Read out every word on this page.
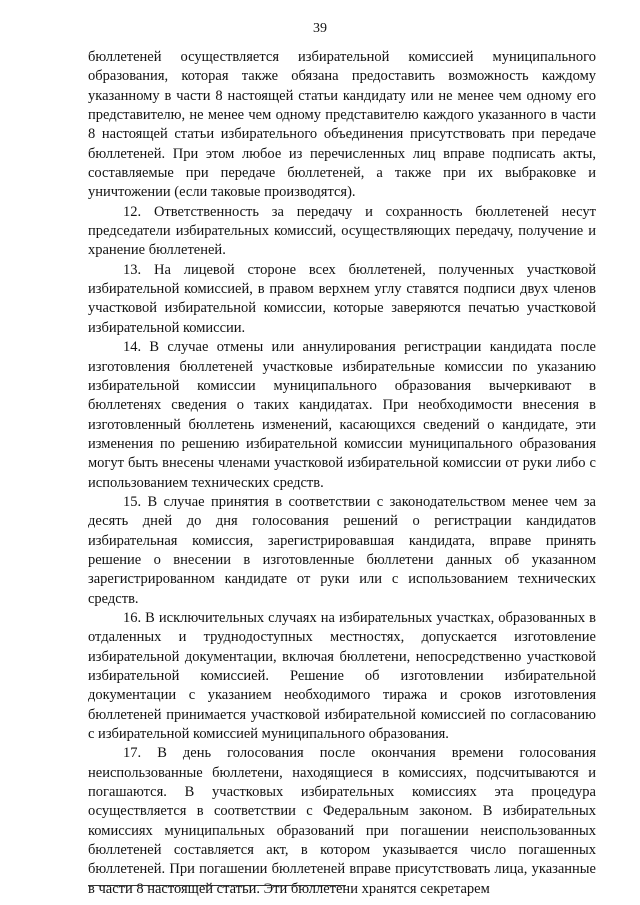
39

бюллетеней осуществляется избирательной комиссией муниципального образования, которая также обязана предоставить возможность каждому указанному в части 8 настоящей статьи кандидату или не менее чем одному его представителю, не менее чем одному представителю каждого указанного в части 8 настоящей статьи избирательного объединения присутствовать при передаче бюллетеней. При этом любое из перечисленных лиц вправе подписать акты, составляемые при передаче бюллетеней, а также при их выбраковке и уничтожении (если таковые производятся).

12. Ответственность за передачу и сохранность бюллетеней несут председатели избирательных комиссий, осуществляющих передачу, получение и хранение бюллетеней.

13. На лицевой стороне всех бюллетеней, полученных участковой избирательной комиссией, в правом верхнем углу ставятся подписи двух членов участковой избирательной комиссии, которые заверяются печатью участковой избирательной комиссии.

14. В случае отмены или аннулирования регистрации кандидата после изготовления бюллетеней участковые избирательные комиссии по указанию избирательной комиссии муниципального образования вычеркивают в бюллетенях сведения о таких кандидатах. При необходимости внесения в изготовленный бюллетень изменений, касающихся сведений о кандидате, эти изменения по решению избирательной комиссии муниципального образования могут быть внесены членами участковой избирательной комиссии от руки либо с использованием технических средств.

15. В случае принятия в соответствии с законодательством менее чем за десять дней до дня голосования решений о регистрации кандидатов избирательная комиссия, зарегистрировавшая кандидата, вправе принять решение о внесении в изготовленные бюллетени данных об указанном зарегистрированном кандидате от руки или с использованием технических средств.

16. В исключительных случаях на избирательных участках, образованных в отдаленных и труднодоступных местностях, допускается изготовление избирательной документации, включая бюллетени, непосредственно участковой избирательной комиссией. Решение об изготовлении избирательной документации с указанием необходимого тиража и сроков изготовления бюллетеней принимается участковой избирательной комиссией по согласованию с избирательной комиссией муниципального образования.

17. В день голосования после окончания времени голосования неиспользованные бюллетени, находящиеся в комиссиях, подсчитываются и погашаются. В участковых избирательных комиссиях эта процедура осуществляется в соответствии с Федеральным законом. В избирательных комиссиях муниципальных образований при погашении неиспользованных бюллетеней составляется акт, в котором указывается число погашенных бюллетеней. При погашении бюллетеней вправе присутствовать лица, указанные в части 8 настоящей статьи. Эти бюллетени хранятся секретарем
